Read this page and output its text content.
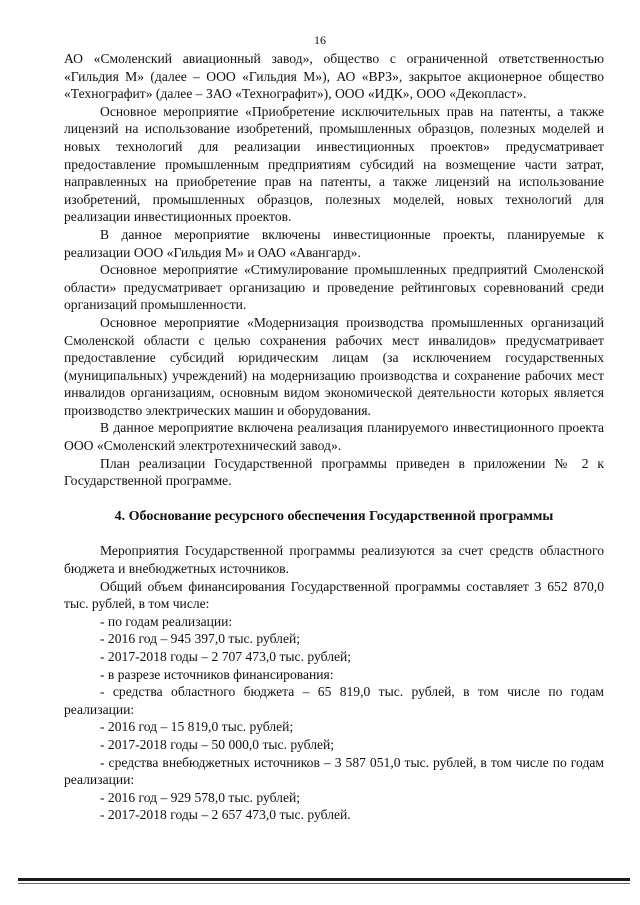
16

АО «Смоленский авиационный завод», общество с ограниченной ответственностью «Гильдия М» (далее – ООО «Гильдия М»), АО «ВРЗ», закрытое акционерное общество «Технографит» (далее – ЗАО «Технографит»), ООО «ИДК», ООО «Декопласт».

Основное мероприятие «Приобретение исключительных прав на патенты, а также лицензий на использование изобретений, промышленных образцов, полезных моделей и новых технологий для реализации инвестиционных проектов» предусматривает предоставление промышленным предприятиям субсидий на возмещение части затрат, направленных на приобретение прав на патенты, а также лицензий на использование изобретений, промышленных образцов, полезных моделей, новых технологий для реализации инвестиционных проектов.

В данное мероприятие включены инвестиционные проекты, планируемые к реализации ООО «Гильдия М» и ОАО «Авангард».

Основное мероприятие «Стимулирование промышленных предприятий Смоленской области» предусматривает организацию и проведение рейтинговых соревнований среди организаций промышленности.

Основное мероприятие «Модернизация производства промышленных организаций Смоленской области с целью сохранения рабочих мест инвалидов» предусматривает предоставление субсидий юридическим лицам (за исключением государственных (муниципальных) учреждений) на модернизацию производства и сохранение рабочих мест инвалидов организациям, основным видом экономической деятельности которых является производство электрических машин и оборудования.

В данное мероприятие включена реализация планируемого инвестиционного проекта ООО «Смоленский электротехнический завод».

План реализации Государственной программы приведен в приложении № 2 к Государственной программе.

4. Обоснование ресурсного обеспечения Государственной программы

Мероприятия Государственной программы реализуются за счет средств областного бюджета и внебюджетных источников.

Общий объем финансирования Государственной программы составляет 3 652 870,0 тыс. рублей, в том числе:

- по годам реализации:

- 2016 год – 945 397,0 тыс. рублей;

- 2017-2018 годы – 2 707 473,0 тыс. рублей;

- в разрезе источников финансирования:

- средства областного бюджета – 65 819,0 тыс. рублей, в том числе по годам реализации:

- 2016 год – 15 819,0 тыс. рублей;

- 2017-2018 годы – 50 000,0 тыс. рублей;

- средства внебюджетных источников – 3 587 051,0 тыс. рублей, в том числе по годам реализации:

- 2016 год – 929 578,0 тыс. рублей;

- 2017-2018 годы – 2 657 473,0 тыс. рублей.
